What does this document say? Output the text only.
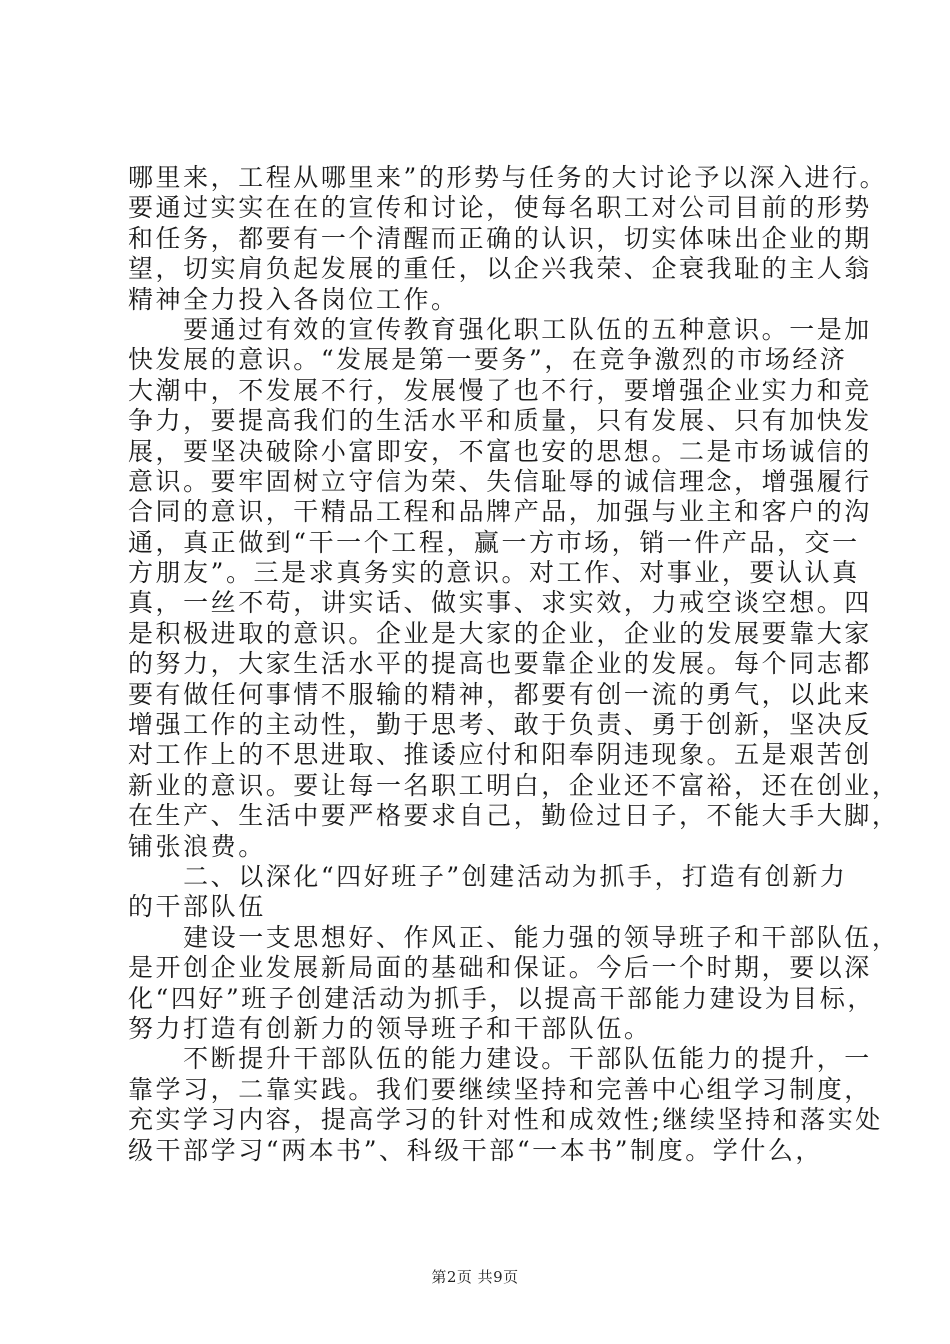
哪里来，工程从哪里来”的形势与任务的大讨论予以深入进行。
要通过实实在在的宣传和讨论，使每名职工对公司目前的形势
和任务，都要有一个清醒而正确的认识，切实体味出企业的期
望，切实肩负起发展的重任，以企兴我荣、企衰我耻的主人翁
精神全力投入各岗位工作。
　　要通过有效的宣传教育强化职工队伍的五种意识。一是加
快发展的意识。“发展是第一要务”，在竞争激烈的市场经济
大潮中，不发展不行，发展慢了也不行，要增强企业实力和竞
争力，要提高我们的生活水平和质量，只有发展、只有加快发
展，要坚决破除小富即安，不富也安的思想。二是市场诚信的
意识。要牢固树立守信为荣、失信耻辱的诚信理念，增强履行
合同的意识，干精品工程和品牌产品，加强与业主和客户的沟
通，真正做到“干一个工程，赢一方市场，销一件产品，交一
方朋友”。三是求真务实的意识。对工作、对事业，要认认真
真，一丝不苟，讲实话、做实事、求实效，力戒空谈空想。四
是积极进取的意识。企业是大家的企业，企业的发展要靠大家
的努力，大家生活水平的提高也要靠企业的发展。每个同志都
要有做任何事情不服输的精神，都要有创一流的勇气，以此来
增强工作的主动性，勤于思考、敢于负责、勇于创新，坚决反
对工作上的不思进取、推诿应付和阳奉阴违现象。五是艰苦创
新业的意识。要让每一名职工明白，企业还不富裕，还在创业，
在生产、生活中要严格要求自己，勤俭过日子，不能大手大脚，
铺张浪费。
　　二、以深化“四好班子”创建活动为抓手，打造有创新力
的干部队伍
　　建设一支思想好、作风正、能力强的领导班子和干部队伍，
是开创企业发展新局面的基础和保证。今后一个时期，要以深
化“四好”班子创建活动为抓手，以提高干部能力建设为目标，
努力打造有创新力的领导班子和干部队伍。
　　不断提升干部队伍的能力建设。干部队伍能力的提升，一
靠学习，二靠实践。我们要继续坚持和完善中心组学习制度，
充实学习内容，提高学习的针对性和成效性;继续坚持和落实处
级干部学习“两本书”、科级干部“一本书”制度。学什么，
第2页 共9页
